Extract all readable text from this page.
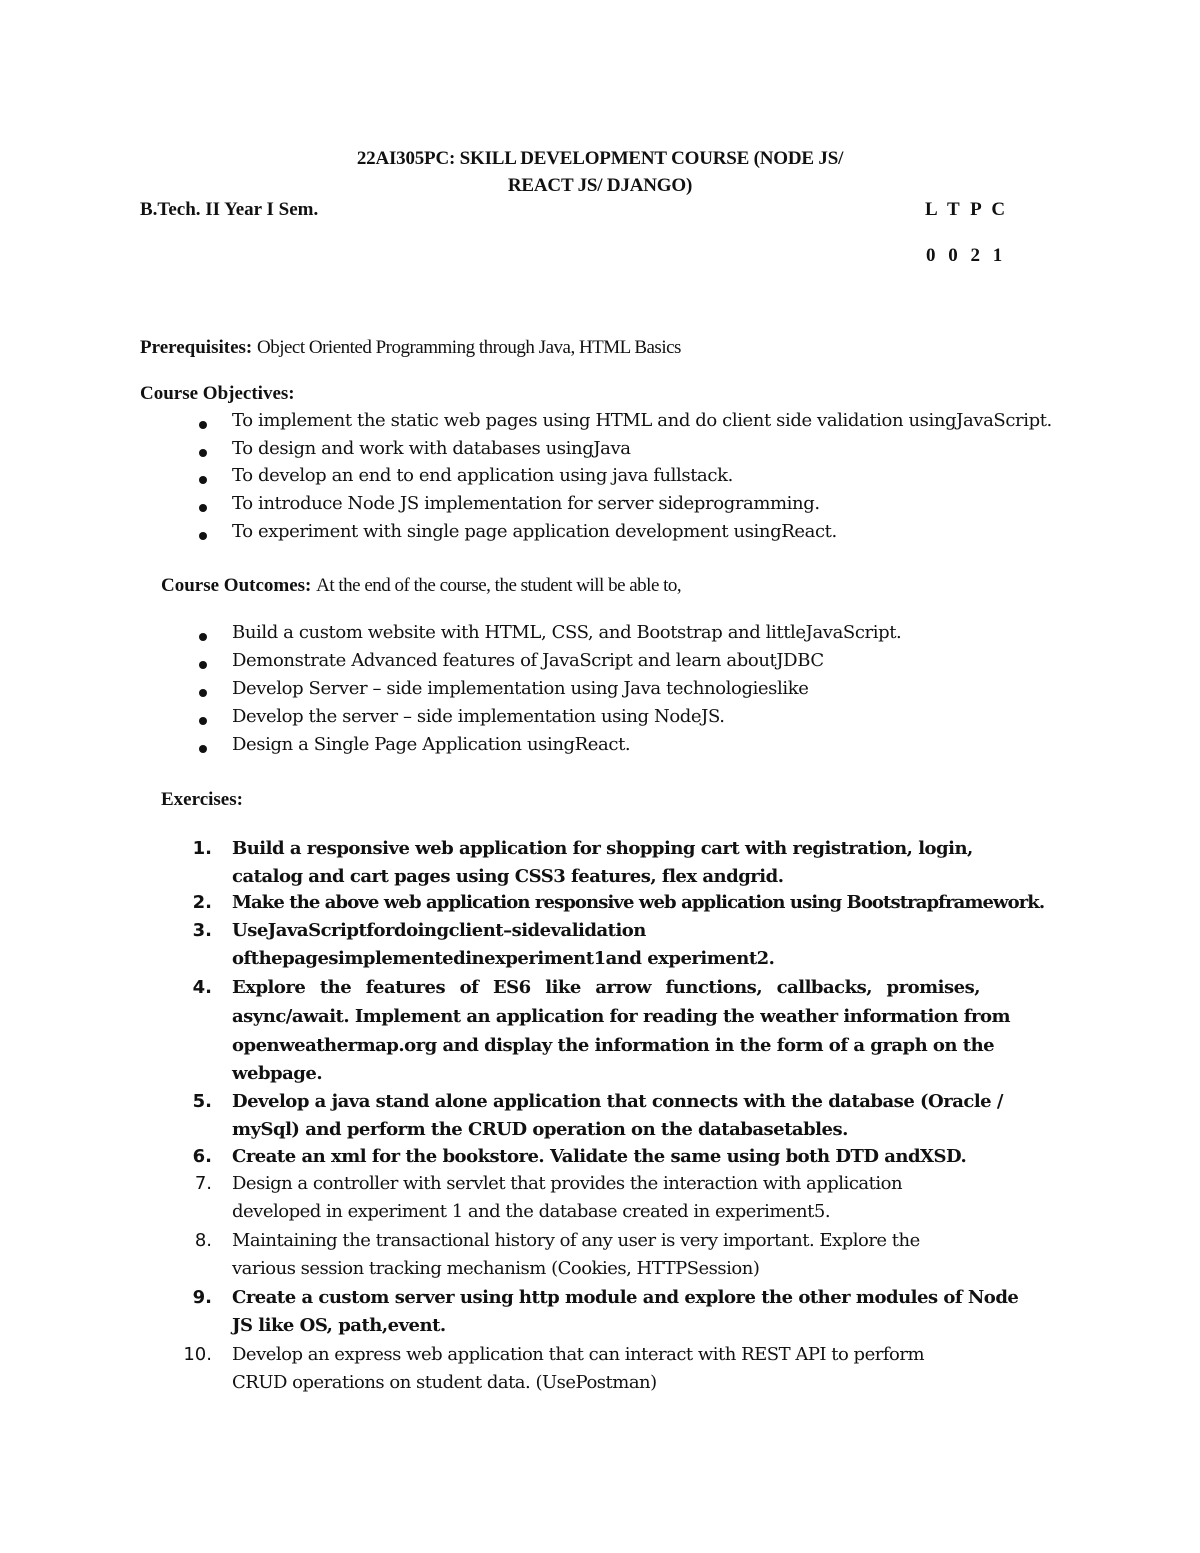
22AI305PC: SKILL DEVELOPMENT COURSE (NODE JS/

REACT JS/ DJANGO)

B.Tech. II Year I Sem.	L T P C

0 0 2 1

Prerequisites: Object Oriented Programming through Java, HTML Basics

Course Objectives:

To implement the static web pages using HTML and do client side validation usingJavaScript.
To design and work with databases usingJava
To develop an end to end application using java fullstack.
To introduce Node JS implementation for server sideprogramming.
To experiment with single page application development usingReact.

Course Outcomes: At the end of the course, the student will be able to,

Build a custom website with HTML, CSS, and Bootstrap and littleJavaScript.
Demonstrate Advanced features of JavaScript and learn aboutJDBC
Develop Server – side implementation using Java technologieslike
Develop the server – side implementation using NodeJS.
Design a Single Page Application usingReact.

Exercises:

1. Build a responsive web application for shopping cart with registration, login,
catalog and cart pages using CSS3 features, flex andgrid.
2. Make the above web application responsive web application using Bootstrapframework.
3. UseJavaScriptfordoingclient–sidevalidation
ofthepagesimplementedinexperiment1and experiment2.
4. Explore the features of ES6 like arrow functions, callbacks, promises,
async/await. Implement an application for reading the weather information from
openweathermap.org and display the information in the form of a graph on the
webpage.
5. Develop a java stand alone application that connects with the database (Oracle /
mySql) and perform the CRUD operation on the databasetables.
6. Create an xml for the bookstore. Validate the same using both DTD andXSD.
7. Design a controller with servlet that provides the interaction with application
developed in experiment 1 and the database created in experiment5.
8. Maintaining the transactional history of any user is very important. Explore the
various session tracking mechanism (Cookies, HTTPSession)
9. Create a custom server using http module and explore the other modules of Node
JS like OS, path,event.
10. Develop an express web application that can interact with REST API to perform
CRUD operations on student data. (UsePostman)
